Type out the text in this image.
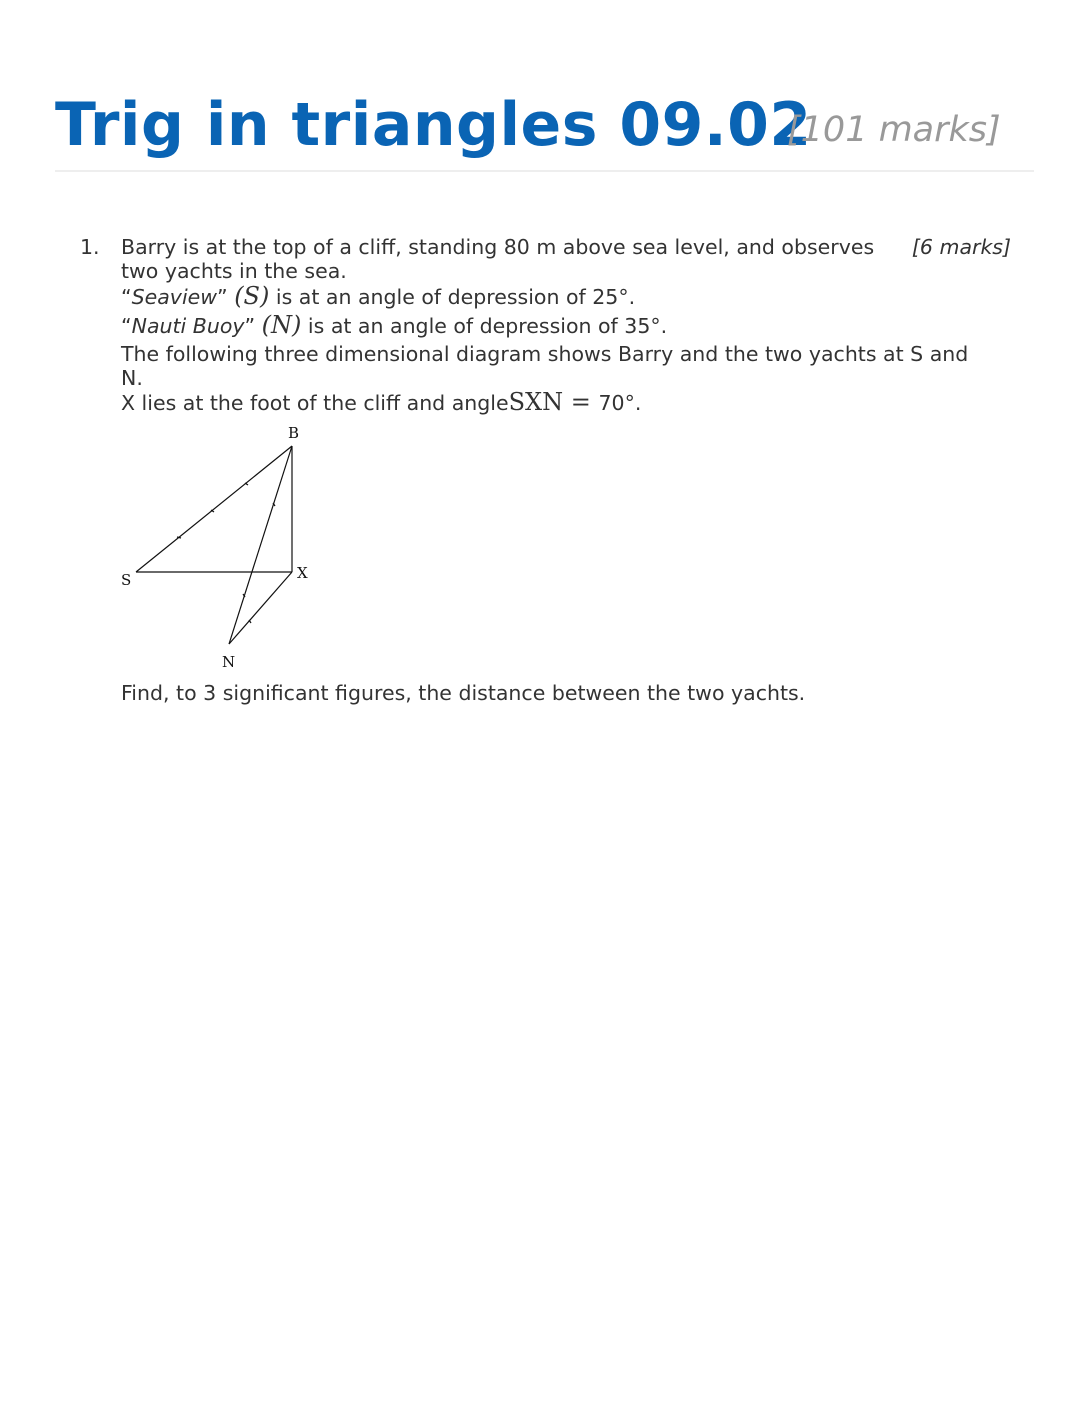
Trig in triangles 09.02
[101 marks]
1.	[6 marks]
Barry is at the top of a cliff, standing 80 m above sea level, and observes
two yachts in the sea.
“Seaview” (S) is at an angle of depression of 25°.
“Nauti Buoy” (N) is at an angle of depression of 35°.
The following three dimensional diagram shows Barry and the two yachts at S and
N.
X lies at the foot of the cliff and angleSXN = 70°.
Find, to 3 significant figures, the distance between the two yachts.
B
S	X
N
